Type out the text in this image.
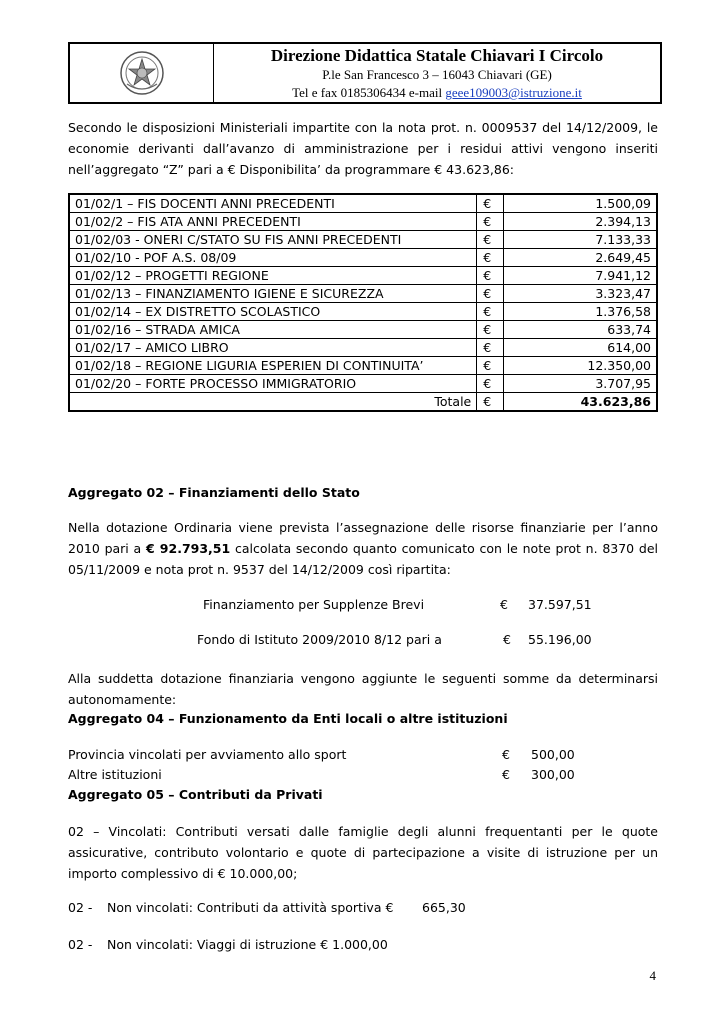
Direzione Didattica Statale Chiavari I Circolo
P.le San Francesco 3 – 16043 Chiavari (GE)
Tel e fax 0185306434 e-mail geee109003@istruzione.it
Secondo le disposizioni Ministeriali impartite con la nota prot. n. 0009537 del 14/12/2009, le economie derivanti dall’avanzo di amministrazione per i residui attivi vengono inseriti nell’aggregato “Z” pari a € Disponibilita’ da programmare € 43.623,86:
01/02/1 – FIS DOCENTI ANNI PRECEDENTI	€	1.500,09
01/02/2 – FIS ATA ANNI PRECEDENTI	€	2.394,13
01/02/03 - ONERI C/STATO SU FIS ANNI PRECEDENTI	€	7.133,33
01/02/10 - POF A.S. 08/09	€	2.649,45
01/02/12 – PROGETTI REGIONE	€	7.941,12
01/02/13 – FINANZIAMENTO IGIENE E SICUREZZA	€	3.323,47
01/02/14 – EX DISTRETTO SCOLASTICO	€	1.376,58
01/02/16 – STRADA AMICA	€	633,74
01/02/17 – AMICO LIBRO	€	614,00
01/02/18 – REGIONE LIGURIA ESPERIEN DI CONTINUITA’	€	12.350,00
01/02/20 – FORTE PROCESSO IMMIGRATORIO	€	3.707,95
Totale	€	43.623,86
Aggregato 02 – Finanziamenti dello Stato
Nella dotazione Ordinaria viene prevista l’assegnazione delle risorse finanziarie per l’anno 2010 pari a € 92.793,51 calcolata secondo quanto comunicato con le note prot n. 8370 del 05/11/2009 e nota prot n. 9537 del 14/12/2009 così ripartita:
Finanziamento per Supplenze Brevi	€ 37.597,51
Fondo di Istituto 2009/2010 8/12 pari a	€ 55.196,00
Alla suddetta dotazione finanziaria vengono aggiunte le seguenti somme da determinarsi autonomamente:
Aggregato 04 – Funzionamento da Enti locali o altre istituzioni
Provincia vincolati per avviamento allo sport	€ 500,00
Altre istituzioni	€ 300,00
Aggregato 05 – Contributi da Privati
02 – Vincolati: Contributi versati dalle famiglie degli alunni frequentanti per le quote assicurative, contributo volontario e quote di partecipazione a visite di istruzione per un importo complessivo di € 10.000,00;
02 - Non vincolati: Contributi da attività sportiva € 665,30
02 - Non vincolati: Viaggi di istruzione € 1.000,00
4
